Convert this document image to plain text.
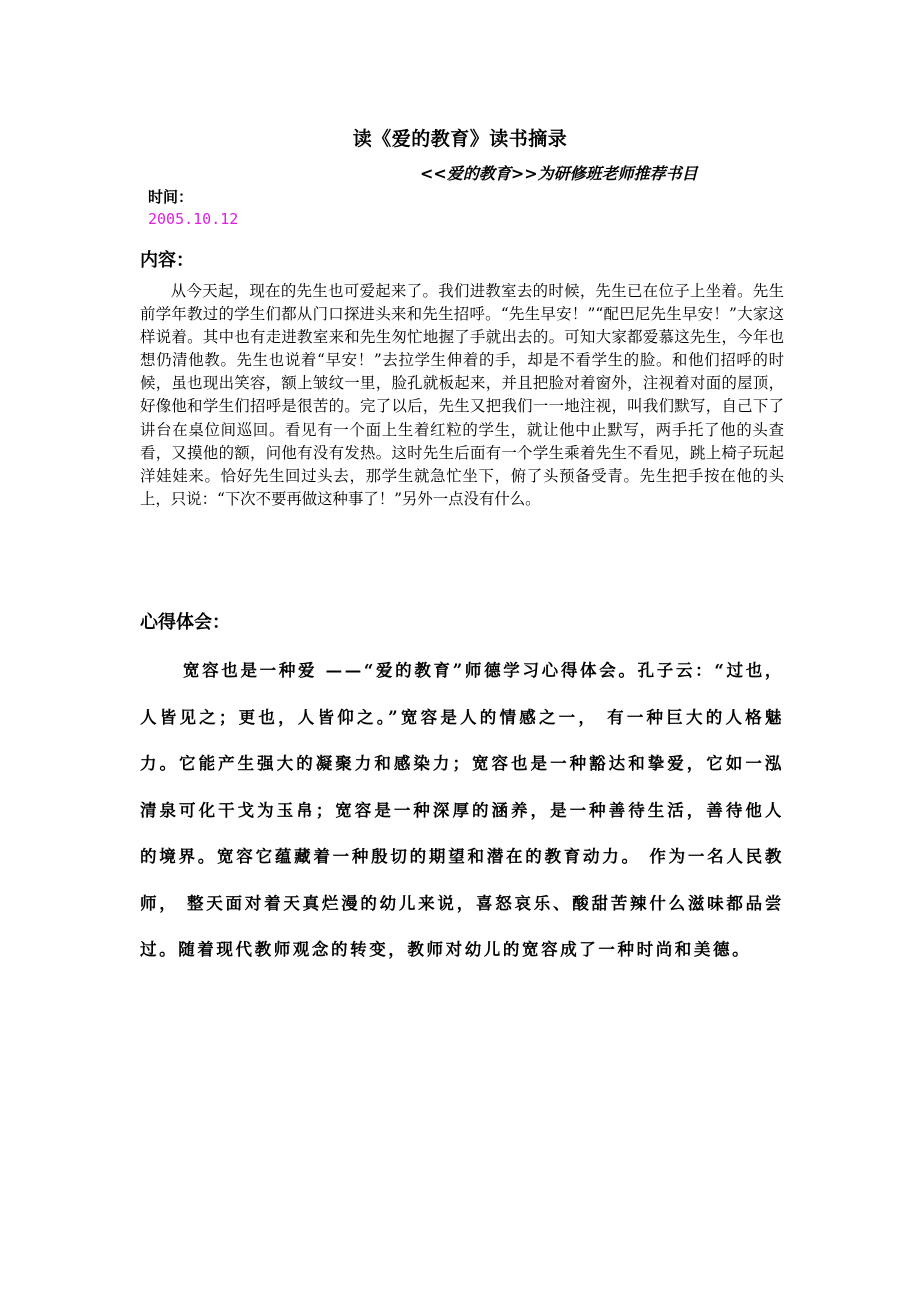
读《爱的教育》读书摘录
<<爱的教育>>为研修班老师推荐书目
时间：
2005.10.12
内容：

从今天起，现在的先生也可爱起来了。我们进教室去的时候，先生已在位子上坐着。先生前学年教过的学生们都从门口探进头来和先生招呼。“先生早安！”“配巴尼先生早安！”大家这样说着。其中也有走进教室来和先生匆忙地握了手就出去的。可知大家都爱慕这先生，今年也想仍清他教。先生也说着“早安！”去拉学生伸着的手，却是不看学生的脸。和他们招呼的时候，虽也现出笑容，额上皱纹一里，脸孔就板起来，并且把脸对着窗外，注视着对面的屋顶，好像他和学生们招呼是很苦的。完了以后，先生又把我们一一地注视，叫我们默写，自己下了讲台在桌位间巡回。看见有一个面上生着红粒的学生，就让他中止默写，两手托了他的头查看，又摸他的额，问他有没有发热。这时先生后面有一个学生乘着先生不看见，跳上椅子玩起洋娃娃来。恰好先生回过头去，那学生就急忙坐下，俯了头预备受青。先生把手按在他的头上，只说：“下次不要再做这种事了！”另外一点没有什么。

心得体会：

宽容也是一种爱 ——“爱的教育”师德学习心得体会。孔子云：“过也，人皆见之；更也，人皆仰之。”宽容是人的情感之一， 有一种巨大的人格魅力。它能产生强大的凝聚力和感染力；宽容也是一种豁达和挚爱，它如一泓清泉可化干戈为玉帛；宽容是一种深厚的涵养，是一种善待生活，善待他人的境界。宽容它蕴藏着一种殷切的期望和潜在的教育动力。 作为一名人民教师， 整天面对着天真烂漫的幼儿来说，喜怒哀乐、酸甜苦辣什么滋味都品尝过。随着现代教师观念的转变，教师对幼儿的宽容成了一种时尚和美德。
